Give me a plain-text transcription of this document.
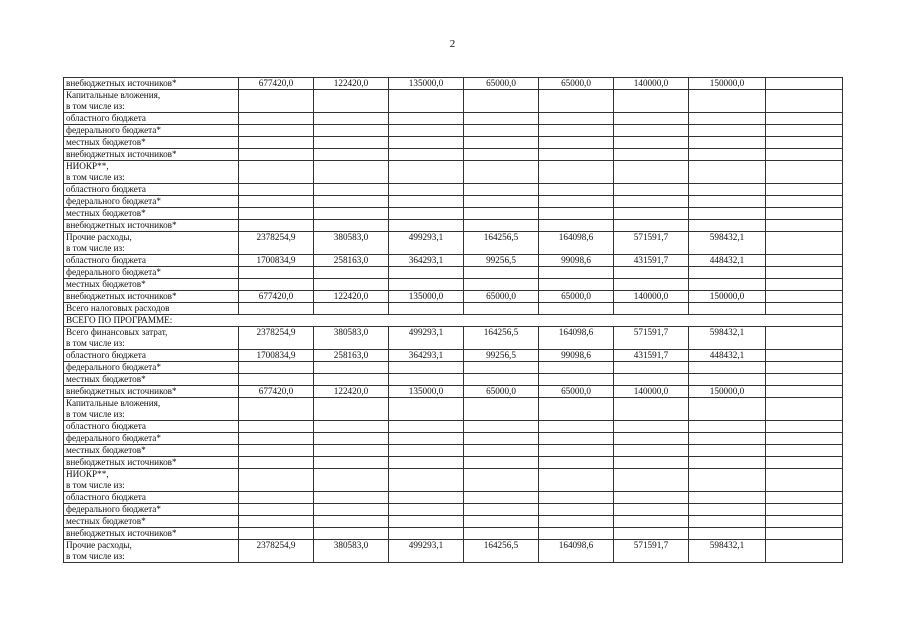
2
внебюджетных источников*	677420,0	122420,0	135000,0	65000,0	65000,0	140000,0	150000,0	
Капитальные вложения,								
в том числе из:								
областного бюджета								
федерального бюджета*								
местных бюджетов*								
внебюджетных источников*								
НИОКР**,								
в том числе из:								
областного бюджета								
федерального бюджета*								
местных бюджетов*								
внебюджетных источников*								
Прочие расходы,	2378254,9	380583,0	499293,1	164256,5	164098,6	571591,7	598432,1	
в том числе из:								
областного бюджета	1700834,9	258163,0	364293,1	99256,5	99098,6	431591,7	448432,1	
федерального бюджета*								
местных бюджетов*								
внебюджетных источников*	677420,0	122420,0	135000,0	65000,0	65000,0	140000,0	150000,0	
Всего налоговых расходов								
ВСЕГО ПО ПРОГРАММЕ:								
Всего финансовых затрат,	2378254,9	380583,0	499293,1	164256,5	164098,6	571591,7	598432,1	
в том числе из:								
областного бюджета	1700834,9	258163,0	364293,1	99256,5	99098,6	431591,7	448432,1	
федерального бюджета*								
местных бюджетов*								
внебюджетных источников*	677420,0	122420,0	135000,0	65000,0	65000,0	140000,0	150000,0	
Капитальные вложения,								
в том числе из:								
областного бюджета								
федерального бюджета*								
местных бюджетов*								
внебюджетных источников*								
НИОКР**,								
в том числе из:								
областного бюджета								
федерального бюджета*								
местных бюджетов*								
внебюджетных источников*								
Прочие расходы,	2378254,9	380583,0	499293,1	164256,5	164098,6	571591,7	598432,1	
в том числе из:								
